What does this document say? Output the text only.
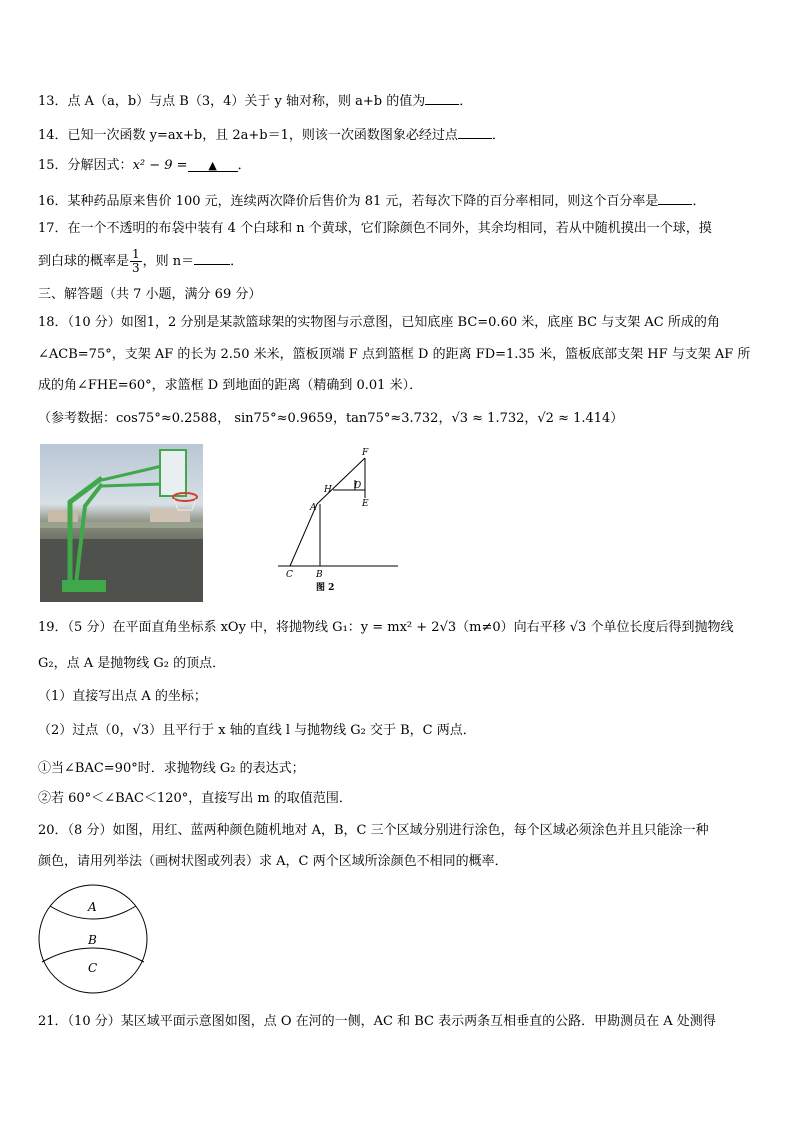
13．点 A（a，b）与点 B（3，4）关于 y 轴对称，则 a+b 的值为	．
14．已知一次函数 y=ax+b，且 2a+b＝1，则该一次函数图象必经过点	．
15．分解因式：x² − 9 = ▲ ．
16．某种药品原来售价 100 元，连续两次降价后售价为 81 元，若每次下降的百分率相同，则这个百分率是	．
17．在一个不透明的布袋中装有 4 个白球和 n 个黄球，它们除颜色不同外，其余均相同，若从中随机摸出一个球，摸
到白球的概率是 $\frac{1}{3}$ ，则 n＝	．
三、解答题（共 7 小题，满分 69 分）
18．（10 分）如图1，2 分别是某款篮球架的实物图与示意图，已知底座 BC=0.60 米，底座 BC 与支架 AC 所成的角
∠ACB=75°，支架 AF 的长为 2.50 米米，篮板顶端 F 点到篮框 D 的距离 FD=1.35 米，篮板底部支架 HF 与支架 AF 所
成的角∠FHE=60°，求篮框 D 到地面的距离（精确到 0.01 米）．
（参考数据：cos75°≈0.2588， sin75°≈0.9659，tan75°≈3.732，√3 ≈ 1.732，√2 ≈ 1.414）
F
H D
E
A
C	B
图 2
19．（5 分）在平面直角坐标系 xOy 中，将抛物线 G₁：y = mx² + 2√3（m≠0）向右平移 √3 个单位长度后得到抛物线
G₂，点 A 是抛物线 G₂ 的顶点．
（1）直接写出点 A 的坐标；
（2）过点（0，√3）且平行于 x 轴的直线 l 与抛物线 G₂ 交于 B，C 两点．
①当∠BAC=90°时．求抛物线 G₂ 的表达式；
②若 60°＜∠BAC＜120°，直接写出 m 的取值范围．
20．（8 分）如图，用红、蓝两种颜色随机地对 A，B，C 三个区域分别进行涂色，每个区域必须涂色并且只能涂一种
颜色，请用列举法（画树状图或列表）求 A，C 两个区域所涂颜色不相同的概率．
A
B
C
21．（10 分）某区域平面示意图如图，点 O 在河的一侧，AC 和 BC 表示两条互相垂直的公路．甲勘测员在 A 处测得
